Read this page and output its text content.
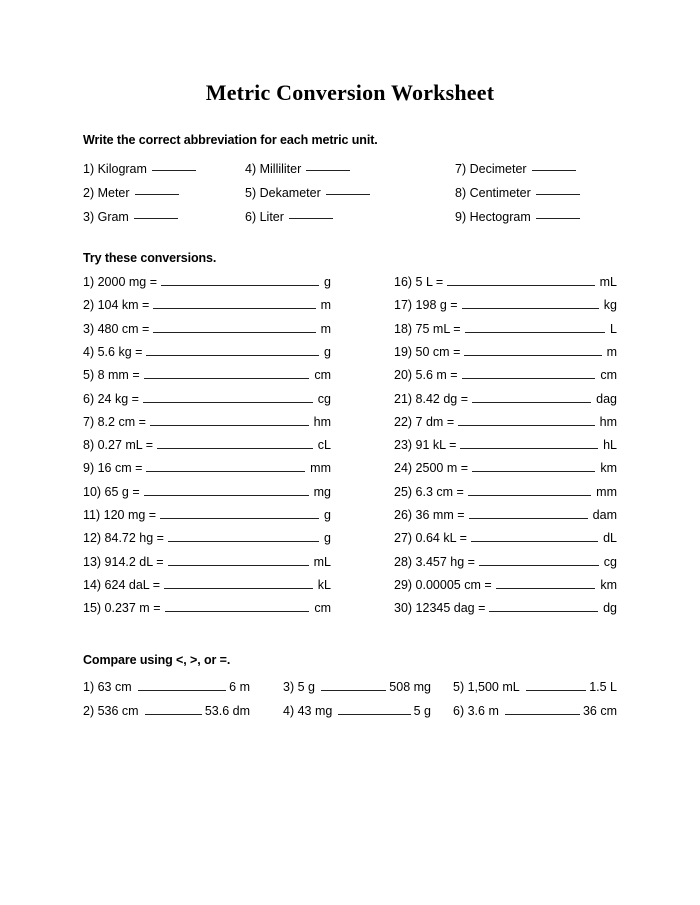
Metric Conversion Worksheet
Write the correct abbreviation for each metric unit.
1) Kilogram
2) Meter
3) Gram
4) Milliliter
5) Dekameter
6) Liter
7) Decimeter
8) Centimeter
9) Hectogram
Try these conversions.
1) 2000 mg =	g
2) 104 km =	m
3) 480 cm =	m
4) 5.6 kg =	g
5) 8 mm =	cm
6) 24 kg =	cg
7) 8.2 cm =	hm
8) 0.27 mL =	cL
9) 16 cm =	mm
10) 65 g =	mg
11) 120 mg =	g
12) 84.72 hg =	g
13) 914.2 dL =	mL
14) 624 daL =	kL
15) 0.237 m =	cm
16) 5 L =	mL
17) 198 g =	kg
18) 75 mL =	L
19) 50 cm =	m
20) 5.6 m =	cm
21) 8.42 dg =	dag
22) 7 dm =	hm
23) 91 kL =	hL
24) 2500 m =	km
25) 6.3 cm =	mm
26) 36 mm =	dam
27) 0.64 kL =	dL
28) 3.457 hg =	cg
29) 0.00005 cm =	km
30) 12345 dag =	dg
Compare using <, >, or =.
1) 63 cm	6 m
2) 536 cm	53.6 dm
3) 5 g	508 mg
4) 43 mg	5 g
5) 1,500 mL	1.5 L
6) 3.6 m	36 cm
